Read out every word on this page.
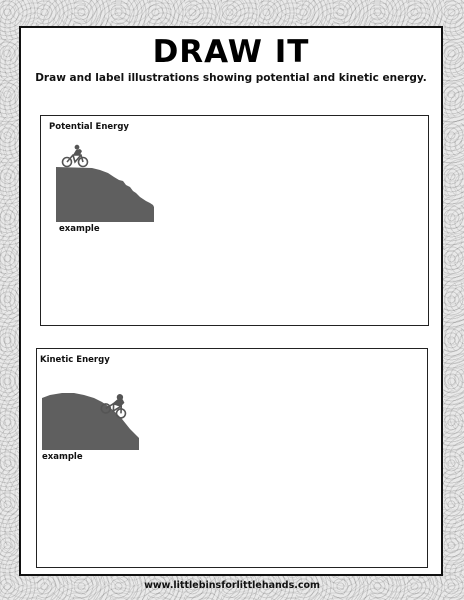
DRAW IT

Draw and label illustrations showing potential and kinetic energy.

Potential Energy
example
Kinetic Energy
example
www.littlebinsforlittlehands.com
